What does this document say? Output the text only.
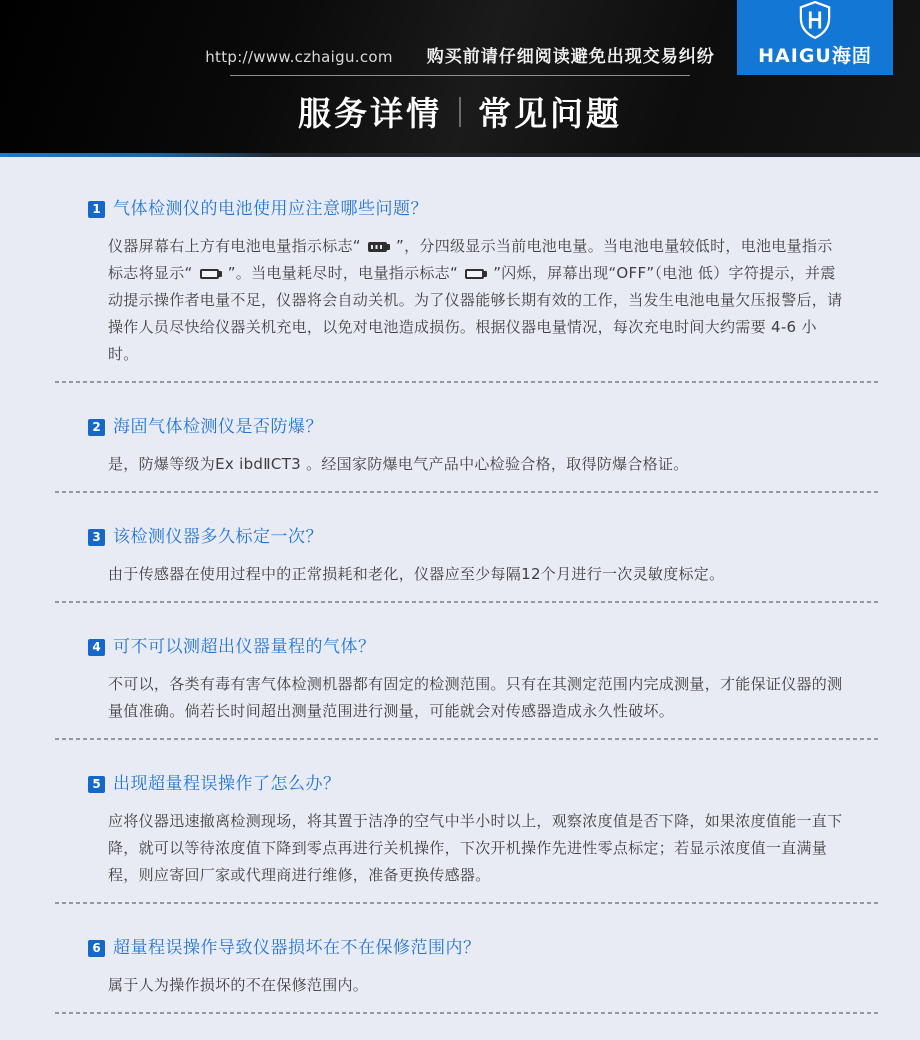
http://www.czhaigu.com 购买前请仔细阅读避免出现交易纠纷
服务详情 常见问题
HAIGU海固
1 气体检测仪的电池使用应注意哪些问题？

仪器屏幕右上方有电池电量指示标志“  ”，分四级显示当前电池电量。当电池电量较低时，电池电量指示标志将显示“  ”。当电量耗尽时，电量指示标志“  ”闪烁，屏幕出现“OFF”（电池 低）字符提示，并震动提示操作者电量不足，仪器将会自动关机。为了仪器能够长期有效的工作，当发生电池电量欠压报警后，请操作人员尽快给仪器关机充电，以免对电池造成损伤。根据仪器电量情况，每次充电时间大约需要 4-6 小时。

2 海固气体检测仪是否防爆？

是，防爆等级为Ex ibdⅡCT3 。经国家防爆电气产品中心检验合格，取得防爆合格证。

3 该检测仪器多久标定一次？

由于传感器在使用过程中的正常损耗和老化，仪器应至少每隔12个月进行一次灵敏度标定。

4 可不可以测超出仪器量程的气体？

不可以，各类有毒有害气体检测机器都有固定的检测范围。只有在其测定范围内完成测量，才能保证仪器的测量值准确。倘若长时间超出测量范围进行测量，可能就会对传感器造成永久性破坏。

5 出现超量程误操作了怎么办？

应将仪器迅速撤离检测现场，将其置于洁净的空气中半小时以上，观察浓度值是否下降，如果浓度值能一直下降，就可以等待浓度值下降到零点再进行关机操作，下次开机操作先进性零点标定；若显示浓度值一直满量程，则应寄回厂家或代理商进行维修，准备更换传感器。

6 超量程误操作导致仪器损坏在不在保修范围内？

属于人为操作损坏的不在保修范围内。
